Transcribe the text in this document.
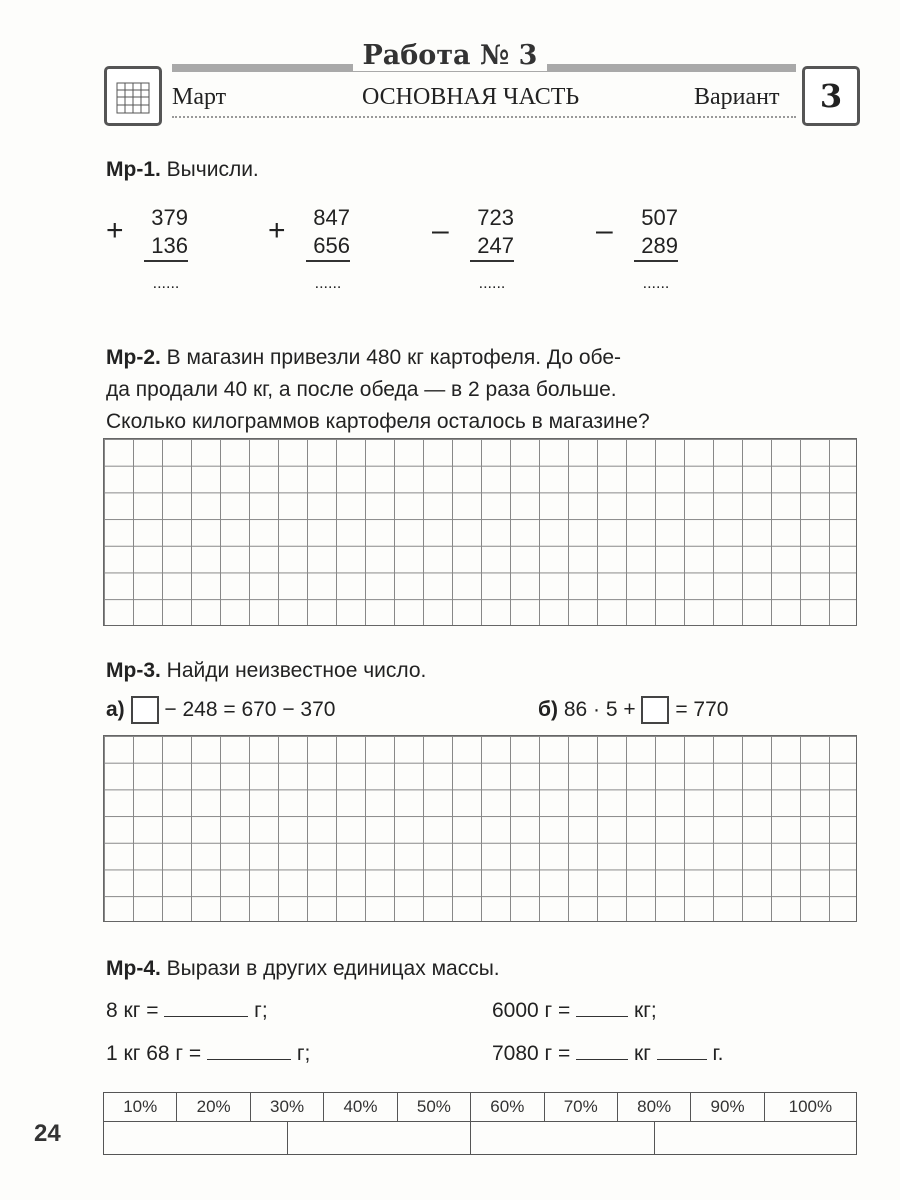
Работа № 3
Март	ОСНОВНАЯ ЧАСТЬ	Вариант	3
Мр-1. Вычисли.
+	379
136
......
+	847
656
......
–	723
247
......
–	507
289
......
Мр-2. В магазин привезли 480 кг картофеля. До обе-
да продали 40 кг, а после обеда — в 2 раза больше.
Сколько килограммов картофеля осталось в магазине?
Мр-3. Найди неизвестное число.
а) − 248 = 670 − 370	б) 86 · 5 + = 770
Мр-4. Вырази в других единицах массы.
8 кг =	г;	6000 г =	кг;
1 кг 68 г =	г;	7080 г =	кг	г.
10%	20%	30%		40%	50%	60%	70%	80%		90%	100%

24
